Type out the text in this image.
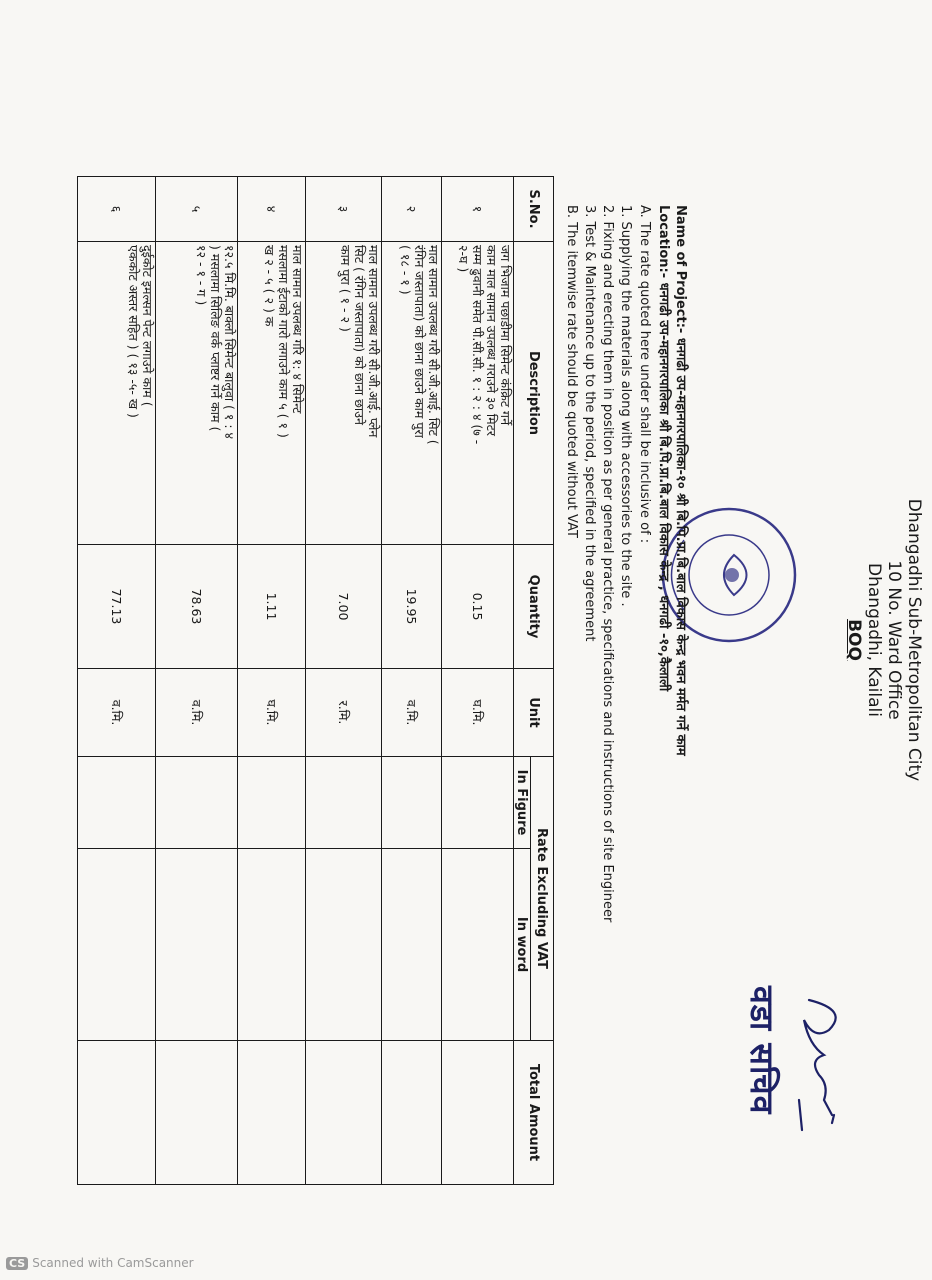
Dhangadhi Sub-Metropolitan City
10 No. Ward Office
Dhangadhi, Kailali
BOQ
वडा सचिव
Name of Project:- धनगढी उप-महानगरपालिका-१० श्री बि.पि.प्रा.बि.बाल विकास केन्द्र भवन मर्मत गर्ने काम
Location:- धनगढी उप-महानगरपालिका श्री बि.पि.प्रा.बि.बाल विकास केन्द्र , धनगढी -१०,कैलाली
A. The rate quoted here under shall be inclusive of :
1. Supplying the materials along with accessories to the site .
2. Fixing and erecting them in position as per general practice, specifications and instructions of site Engineer
3. Test & Maintenance up to the period, specified in the agreement
B. The itemwise rate should be quoted without VAT
S.No.	Description	Quantity	Unit	Rate Excluding VAT		Total Amount
				In Figure	In word	
१	जग भिजाम पछाडीमा सिमेन्ट कंक्रिट गर्ने
काम माल सामान उपलब्ध गराउने ३० मिटर
सम्म ढुवानी समेत पी.सी.सी. १ : २ : ४ (७ -
२-घ )	0.15	घ.मि.			
२	माल सामान उपलब्ध गरी सी.जी.आई. सिट (
रंगिन जस्तापाता) को छाना छाउने काम पुरा
( १८ - १ )	19.95	व.मि.			
३	माल सामान उपलब्ध गरी सी.जी.आई. प्लेन
सिट ( रंगिन जस्तापाता) को छाना छाउने
काम पुरा ( १ - २ )	7.00	र.मि.			
४	माल सामान उपलब्ध गरि १: ४ सिमेन्ट
मसलामा ईटाको गारो लगाउने काम ५ ( १ )
ख २ - ५ ( २ ) क	1.11	घ.मि.			
५	१२.५ मि.मि. बाक्लो सिमेन्ट बालुवा ( १ : ४
) मसलामा सिलिङ वर्क प्लाष्टर गर्ने काम (
१२ - १ - ग )	78.63	व.मि.			
६	दुईकोट इमल्सन पेन्ट लगाउने काम (
एककोट अस्तर सहित ) ( १३ -५- ख )	77.13	व.मि.			
CS Scanned with CamScanner
